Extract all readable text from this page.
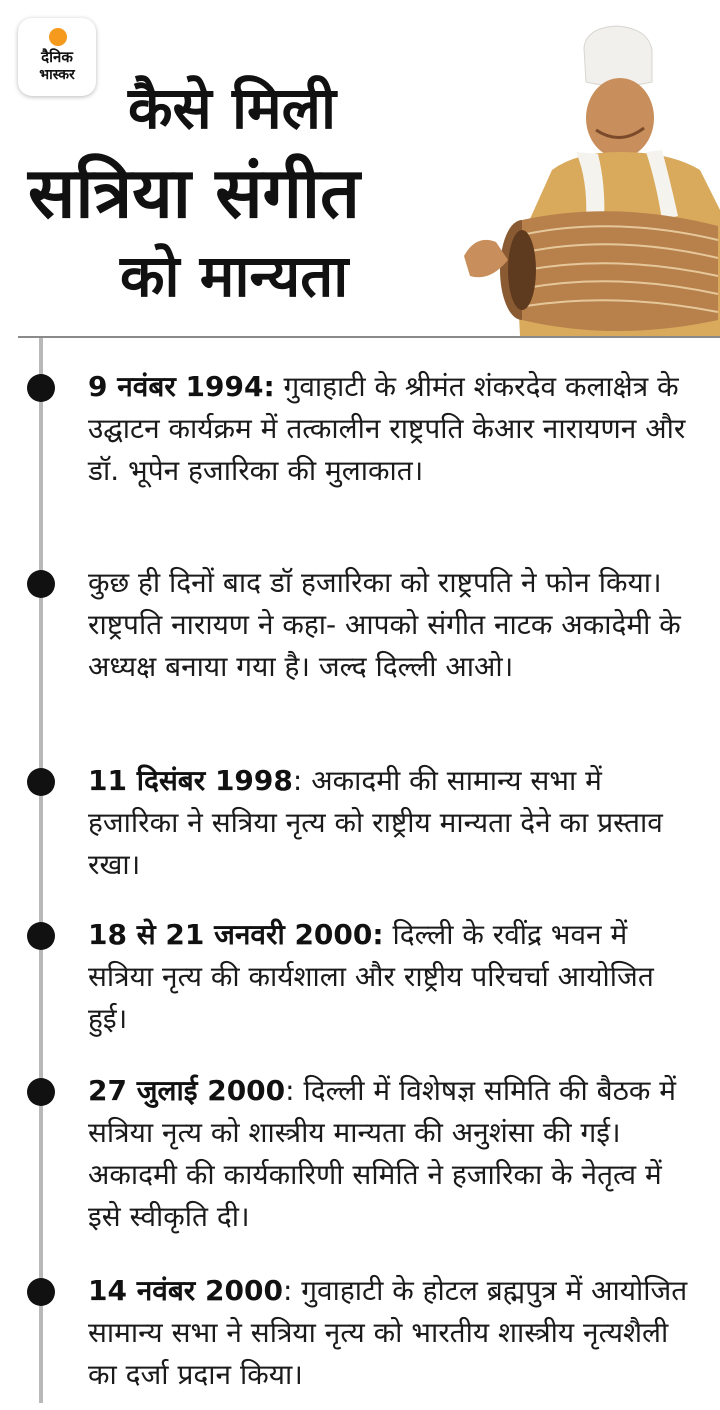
दैनिक
भास्कर कैसे मिली
सत्रिया संगीत
को मान्यता

9 नवंबर 1994: गुवाहाटी के श्रीमंत शंकरदेव कलाक्षेत्र के उद्घाटन कार्यक्रम में तत्कालीन राष्ट्रपति केआर नारायणन और डॉ. भूपेन हजारिका की मुलाकात।

कुछ ही दिनों बाद डॉ हजारिका को राष्ट्रपति ने फोन किया। राष्ट्रपति नारायण ने कहा- आपको संगीत नाटक अकादेमी के अध्यक्ष बनाया गया है। जल्द दिल्ली आओ।

11 दिसंबर 1998: अकादमी की सामान्य सभा में हजारिका ने सत्रिया नृत्य को राष्ट्रीय मान्यता देने का प्रस्ताव रखा।

18 से 21 जनवरी 2000: दिल्ली के रवींद्र भवन में सत्रिया नृत्य की कार्यशाला और राष्ट्रीय परिचर्चा आयोजित हुई।

27 जुलाई 2000: दिल्ली में विशेषज्ञ समिति की बैठक में सत्रिया नृत्य को शास्त्रीय मान्यता की अनुशंसा की गई। अकादमी की कार्यकारिणी समिति ने हजारिका के नेतृत्व में इसे स्वीकृति दी।

14 नवंबर 2000: गुवाहाटी के होटल ब्रह्मपुत्र में आयोजित सामान्य सभा ने सत्रिया नृत्य को भारतीय शास्त्रीय नृत्यशैली का दर्जा प्रदान किया।
